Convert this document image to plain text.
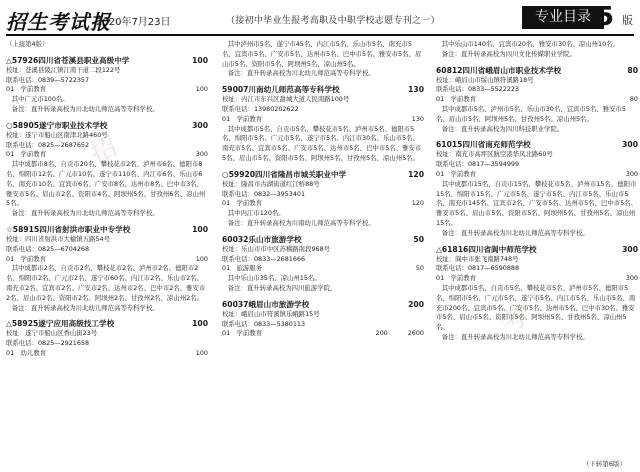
招生考试报
2020年7月23日	（接初中毕业生报考高职及中职学校志愿专刊之一）	专业目录 5 版

（上接第4版）

△57926四川省苍溪县职业高级中学	100

校址：苍溪县陵江镇江南干道二段122号

联系电话：0839—5722357

01　学前教育	100

其中广元市100名。

备注：直升转录高校为川北幼儿师范高等专科学校。

○58905遂宁市职业技术学校	300

校址：遂宁市船山区南津北路460号

联系电话：0825—2687652

01　学前教育	300

其中成都市8名、自贡市20名、攀枝花市2名、泸州市6名、德阳市8名、绵阳市12名、广元市10名、遂宁市110名、内江市6名、乐山市6名、南充市10名、宜宾市6名、广安市8名、达州市8名、巴中市3名、雅安市5名、眉山市2名、资阳市4名、阿坝州5名、甘孜州6名、凉山州5名。

备注：直升转录高校为川北幼儿师范高等专科学校。

☆58915四川省射洪市职业中专学校	100

校址：四川省射洪市大榆镇五路54号

联系电话：0825—6704268

01　学前教育	100

其中成都市2名、自贡市2名、攀枝花市2名、泸州市2名、德阳市2名、绵阳市2名、广元市2名、遂宁市60名、内江市2名、乐山市2名、南充市2名、宜宾市2名、广安市2名、达州市2名、巴中市2名、雅安市2名、眉山市2名、资阳市2名、阿坝州2名、甘孜州2名、凉山州2名。

备注：直升转录高校为川北幼儿师范高等专科学校。

△58925遂宁应用高级技工学校	100

校址：遂宁市船山区香山街23号

联系电话：0825—2921658

01　幼儿教育	100

其中泸州市5名、遂宁市45名、内江市5名、乐山市5名、南充市5名、宜宾市5名、广安市5名、达州市5名、巴中市5名、雅安市5名、眉山市5名、资阳市5名、阿坝州5名、凉山州5名。

备注：直升转录高校为川北幼儿师范高等专科学校。

59007川南幼儿师范高等专科学校	130

校址：内江市东兴区甜城大道人民南路100号

联系电话：13980202622

01　学前教育	130

其中成都市5名、自贡市5名、攀枝花市5名、泸州市5名、德阳市5名、绵阳市5名、广元市5名、遂宁市5名、内江市30名、乐山市5名、南充市5名、宜宾市5名、广安市5名、达州市5名、巴中市5名、雅安市5名、眉山市5名、资阳市5名、阿坝州5名、甘孜州5名、凉山州5名。

○59920四川省隆昌市城关职业中学	120

校址：隆昌市古湖街道红江桥88号

联系电话：0832—3953401

01　学前教育	120

其中内江市120名。

备注：直升转录高校为川南幼儿师范高等专科学校。

60032乐山市旅游学校	50

校址：乐山市市中区苏稽路南段968号

联系电话：0833—2681666

01　旅游服务	50

其中乐山市35名、凉山州15名。

备注：直升转录高校为四川旅游学院。

60037峨眉山市旅游学校	200

校址：峨眉山市符溪镇乐峨路15号

联系电话：0833—5380113

01　学前教育	200	2600

其中乐山市140名、宜宾市20名、雅安市30名、凉山州10名。

备注：直升转录高校为四川文化传媒职业学院。

60812四川省峨眉山市职业技术学校	80

校址：峨眉山市绥山镇符溪路18号

联系电话：0833—5522223

01　学前教育	80

其中成都市5名、泸州市5名、乐山市30名、宜宾市5名、雅安市5名、眉山市5名、阿坝州5名、甘孜州5名、凉山州5名。

备注：直升转录高校为四川科技职业学院。

61015四川省南充师范学校	300

校址：南充市高坪区航空港华凤北路60号

联系电话：0817—3594999

01　学前教育	300

其中成都市15名、自贡市15名、攀枝花市5名、泸州市15名、德阳市15名、绵阳市15名、广元市5名、遂宁市5名、内江市5名、乐山市5名、南充市145名、宜宾市2名、广安市5名、达州市5名、巴中市5名、雅安市5名、眉山市5名、资阳市5名、阿坝州5名、甘孜州5名、凉山州15名。

备注：直升转录高校为川北幼儿师范高等专科学校。

△61816四川省阆中师范学校	300

校址：阆中市张飞南路748号

联系电话：0817—6590888

01　学前教育	300

其中成都市5名、自贡市5名、攀枝花市5名、泸州市5名、德阳市5名、绵阳市5名、广元市5名、遂宁市5名、内江市5名、乐山市5名、南充市200名、宜宾市5名、广安市5名、达州市5名、巴中市30名、雅安市5名、眉山市5名、资阳市5名、阿坝州5名、甘孜州5名、凉山州5名。

备注：直升转录高校为川北幼儿师范高等专科学校。

招
考
（下转第6版）
